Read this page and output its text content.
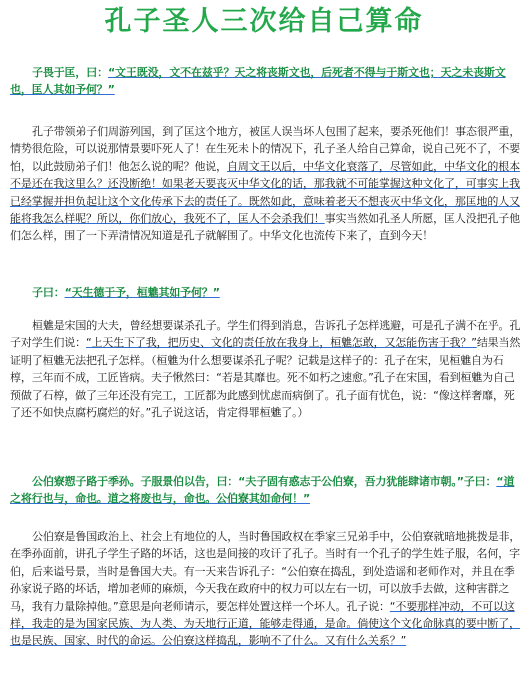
孔子圣人三次给自己算命

子畏于匡，曰：“文王既没，文不在兹乎？天之将丧斯文也，后死者不得与于斯文也；天之未丧斯文也，匡人其如予何？”

孔子带领弟子们周游列国，到了匡这个地方，被匡人误当坏人包围了起来，要杀死他们！事态很严重，情势很危险，可以说那情景要吓死人了！在生死未卜的情况下，孔子圣人给自己算命，说自己死不了，不要怕，以此鼓励弟子们！他怎么说的呢？他说，自周文王以后，中华文化衰落了，尽管如此，中华文化的根本不是还在我这里么？还没断绝！如果老天要丧灭中华文化的话，那我就不可能掌握这种文化了，可事实上我已经掌握并担负起让这个文化传承下去的责任了。既然如此，意味着老天不想丧灭中华文化，那匡地的人又能将我怎么样呢？所以，你们放心，我死不了，匡人不会杀我们！事实当然如孔圣人所愿，匡人没把孔子他们怎么样，围了一下弄清情况知道是孔子就解围了。中华文化也流传下来了，直到今天！

子曰：“天生德于予，桓魋其如予何？”

桓魋是宋国的大夫，曾经想要谋杀孔子。学生们得到消息，告诉孔子怎样逃避，可是孔子满不在乎。孔子对学生们说：“上天生下了我，把历史、文化的责任放在我身上，桓魋怎敢，又怎能伤害于我？”结果当然证明了桓魋无法把孔子怎样。（桓魋为什么想要谋杀孔子呢？记载是这样子的：孔子在宋，见桓魋自为石椁，三年而不成，工匠皆病。夫子愀然曰：“若是其靡也。死不如朽之速愈。”孔子在宋国，看到桓魋为自己预做了石椁，做了三年还没有完工，工匠都为此感到忧虑而病倒了。孔子面有忧色，说：“像这样奢靡，死了还不如快点腐朽腐烂的好。”孔子说这话，肯定得罪桓魋了。）

公伯寮愬子路于季孙。子服景伯以告，曰：“夫子固有惑志于公伯寮，吾力犹能肆诸市朝。”子曰：“道之将行也与，命也。道之将废也与，命也。公伯寮其如命何！”

公伯寮是鲁国政治上、社会上有地位的人，当时鲁国政权在季家三兄弟手中，公伯寮就暗地挑拨是非，在季孙面前，讲孔子学生子路的坏话，这也是间接的攻讦了孔子。当时有一个孔子的学生姓子服，名何，字伯，后来谥号景，当时是鲁国大夫。有一天来告诉孔子：“公伯寮在捣乱，到处造谣和老师作对，并且在季孙家说子路的坏话，增加老师的麻烦，今天我在政府中的权力可以左右一切，可以放手去做，这种害群之马，我有力量除掉他。”意思是向老师请示，要怎样处置这样一个坏人。孔子说：“不要那样冲动，不可以这样，我走的是为国家民族、为人类、为天地行正道，能够走得通，是命。倘使这个文化命脉真的要中断了，也是民族、国家、时代的命运。公伯寮这样捣乱，影响不了什么。又有什么关系？”
